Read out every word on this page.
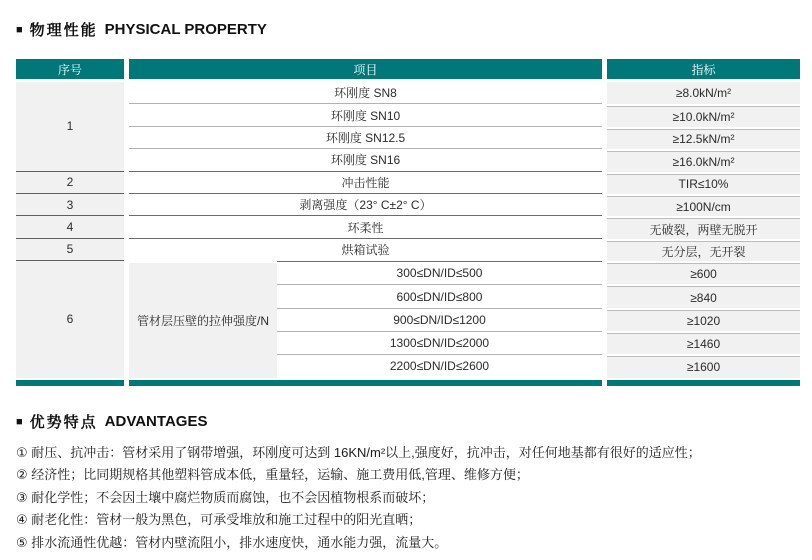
■ 物理性能 PHYSICAL PROPERTY
序号	项目	指标
1
环刚度 SN8	≥8.0kN/m²
环刚度 SN10	≥10.0kN/m²
环刚度 SN12.5	≥12.5kN/m²
环刚度 SN16	≥16.0kN/m²
2	冲击性能	TIR≤10%
3	剥离强度（23° C±2° C）	≥100N/cm
4	环柔性	无破裂，两壁无脱开
5	烘箱试验	无分层，无开裂
6	管材层压壁的拉伸强度/N
300≤DN/ID≤500	≥600
600≤DN/ID≤800	≥840
900≤DN/ID≤1200	≥1020
1300≤DN/ID≤2000	≥1460
2200≤DN/ID≤2600	≥1600
■ 优势特点 ADVANTAGES
① 耐压、抗冲击：管材采用了钢带增强，环刚度可达到 16KN/m²以上,强度好，抗冲击，对任何地基都有很好的适应性；
② 经济性；比同期规格其他塑料管成本低，重量轻，运输、施工费用低,管理、维修方便；
③ 耐化学性；不会因土壤中腐烂物质而腐蚀，也不会因植物根系而破坏；
④ 耐老化性：管材一般为黑色，可承受堆放和施工过程中的阳光直晒；
⑤ 排水流通性优越：管材内壁流阻小，排水速度快，通水能力强，流量大。
